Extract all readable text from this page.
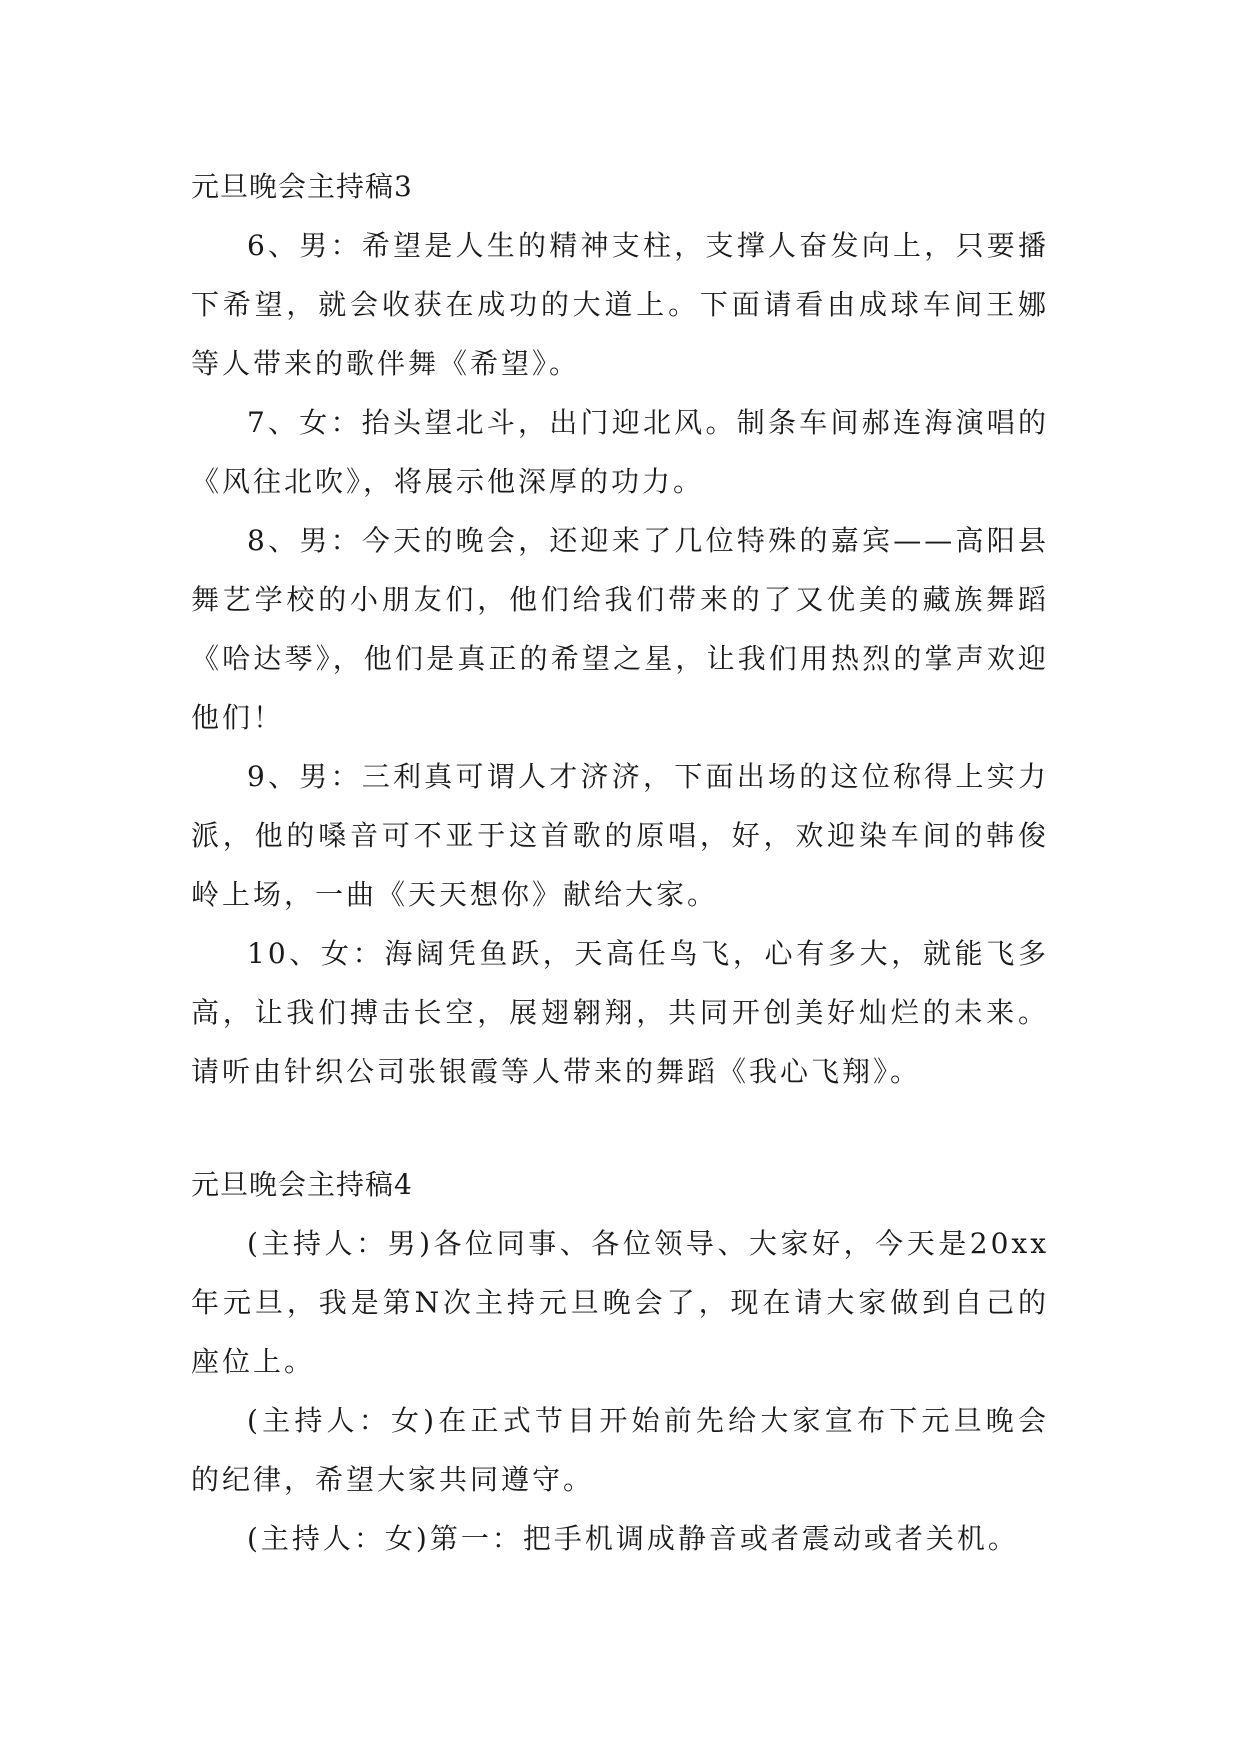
元旦晚会主持稿3

6、男：希望是人生的精神支柱，支撑人奋发向上，只要播下希望，就会收获在成功的大道上。下面请看由成球车间王娜等人带来的歌伴舞《希望》。

7、女：抬头望北斗，出门迎北风。制条车间郝连海演唱的《风往北吹》，将展示他深厚的功力。

8、男：今天的晚会，还迎来了几位特殊的嘉宾——高阳县舞艺学校的小朋友们，他们给我们带来的了又优美的藏族舞蹈《哈达琴》，他们是真正的希望之星，让我们用热烈的掌声欢迎他们！

9、男：三利真可谓人才济济，下面出场的这位称得上实力派，他的嗓音可不亚于这首歌的原唱，好，欢迎染车间的韩俊岭上场，一曲《天天想你》献给大家。

10、女：海阔凭鱼跃，天高任鸟飞，心有多大，就能飞多高，让我们搏击长空，展翅翱翔，共同开创美好灿烂的未来。请听由针织公司张银霞等人带来的舞蹈《我心飞翔》。

元旦晚会主持稿4

(主持人：男)各位同事、各位领导、大家好，今天是20xx年元旦，我是第N次主持元旦晚会了，现在请大家做到自己的座位上。

(主持人：女)在正式节目开始前先给大家宣布下元旦晚会的纪律，希望大家共同遵守。

(主持人：女)第一：把手机调成静音或者震动或者关机。
